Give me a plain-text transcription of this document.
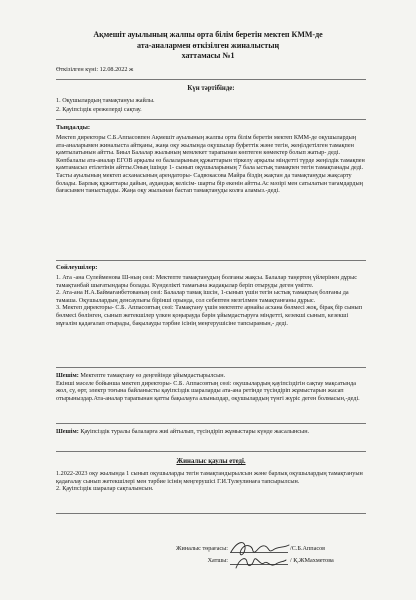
Ақмешіт ауылының жалпы орта білім беретін мектеп КММ-де
ата-аналармен өткізілген жиналыстың
хаттамасы №1
Өткізілген күні: 12.08.2022 ж
Күн тәртібінде:
1. Оқушылардың тамақтануы жайлы.
2. Қауіпсіздік ережелерді сақтау.
Тыңдалды:
Мектеп директоры С.Б.Аппасовпен Ақмешіт ауылының жалпы орта білім беретін мектеп КММ-де оқушылардың ата-аналарымен жиналыста айтқаны, жаңа оқу жылында оқушылар буфеттік және тегін, жеңілдетілген тамақпен қамтылатынын айтты. Биыл Балалар жылының мемлекет тарапынан көптеген көмектер болып жатыр- деді.
Көпбалалы ата-аналар ЕГОВ арқылы өз балаларының құжаттарын тіркелу арқылы міндетті түрде жеңілдік тамақпен қамтамасыз етілетінін айтты.Оның ішінде 1- сынып оқушыларының 7 бала ыстық тамақпен тегін тамақтанады деді.
Тасты ауылының мектеп асханасының арендаторы- Садвокасова Майра біздің жақтан да тамақтануды жақсарту болады. Барлық құжаттары дайын, аудандық келісім- шарты бір екенін айтты.Ас мәзірі мен сатылатын тағамдардың бағасымен таныстырды. Жаңа оқу жылынан бастап тамақтануды колға аламыз.-деді.
Сөйлеушілер:
1. Ата -ана Сулейменова Ш-ның сөзі: Мектепте тамақтанудың болғаны жақсы. Балалар таңертең үйлерінен дұрыс тамақтанбай шығатындары болады. Күнделікті тамағына жадақылар беріп отыруды деген үмітте.
2. Ата-ана Н.А.Баймағанбетованың сөзі: Балалар тамақ ішсін, 1-сынып үшін тегін ыстық тамақтың болғаны да тамаша. Оқушылардың денсаулығы бірінші орында, сол себептен мезгілмен тамақтанғаны дұрыс.
3. Мектеп директоры- С.Б. Аппасовтың сөзі: Тамақтану үшін мектепте арнайы асхана бөлмесі жоқ, бірақ бір сынып бөлмесі бөлінген, сынып жетекшілер үлкен қоңырауда бәрін ұйымдастыруға міндетті, кезекші сынып, кезекші мұғалім қадағалап отырады, бақылауды тәрбие ісінің меңгерушісіне тапсырамын,- деді.
Шешім: Мектепте тамақтану өз деңгейінде ұйымдастырылсын.
Екінші мәселе бойынша мектеп директоры- С.Б. Аппасовтың сөзі: оқушылардың қауіпсіздігін сақтау мақсатында жол, су, өрт, электр тоғына байланысты қауіпсіздік шараларды ата-ана ретінде түсіндіріп жұмыстарын жасап отырыныздар.Ата-аналар тарапынан қатты бақылауға алыныздар, оқушылардың түнгі жүріс деген болмасын,-деді.
Шешім: Қауіпсіздік туралы балаларға жиі айтылып, түсіндіріп жұмыстары күнде жасалынсын.
Жиналыс қаулы етеді.
1.2022-2023 оқу жылында 1 сынып оқушыларды тегін тамақтандырылсын және барлық оқушылардың тамақтануын қадағалау сынып жетекшілері мен тәрбие ісінің меңгерушісі Г.И.Тулеулинаға тапсырылсын.
2. Қауіпсіздік шаралар сақталынсын.
Жиналыс төрағасы:	/С.Б.Аппасов
Хатшы:	/ Қ.ЖМахметова
